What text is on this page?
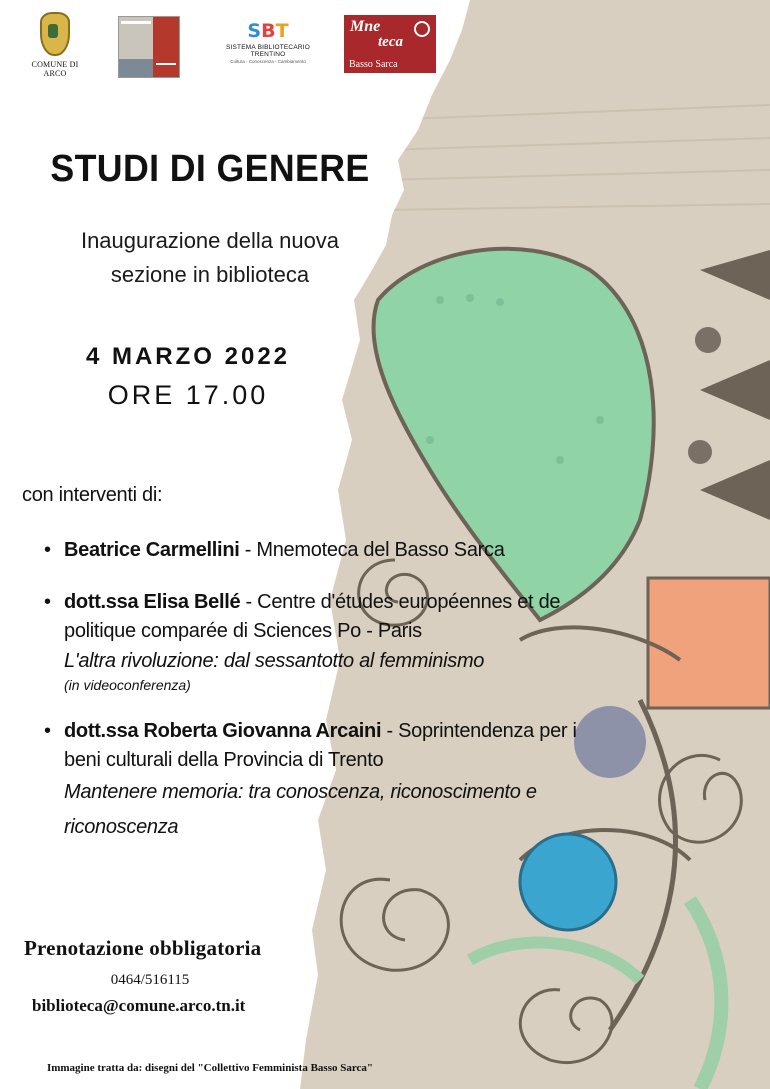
COMUNE DI ARCO
SBT
SISTEMA BIBLIOTECARIO TRENTINO
Cultura - Conoscenza - Cambiamento
Mne
teca
Basso Sarca
STUDI DI GENERE
Inaugurazione della nuova
sezione in biblioteca
4 MARZO 2022
ORE 17.00
con interventi di:
• Beatrice Carmellini - Mnemoteca del Basso Sarca
• dott.ssa Elisa Bellé - Centre d'études européennes et de
politique comparée di Sciences Po - Paris
L'altra rivoluzione: dal sessantotto al femminismo
(in videoconferenza)
• dott.ssa Roberta Giovanna Arcaini - Soprintendenza per i
beni culturali della Provincia di Trento
Mantenere memoria: tra conoscenza, riconoscimento e
riconoscenza
Prenotazione obbligatoria
0464/516115
biblioteca@comune.arco.tn.it
Immagine tratta da: disegni del "Collettivo Femminista Basso Sarca"
